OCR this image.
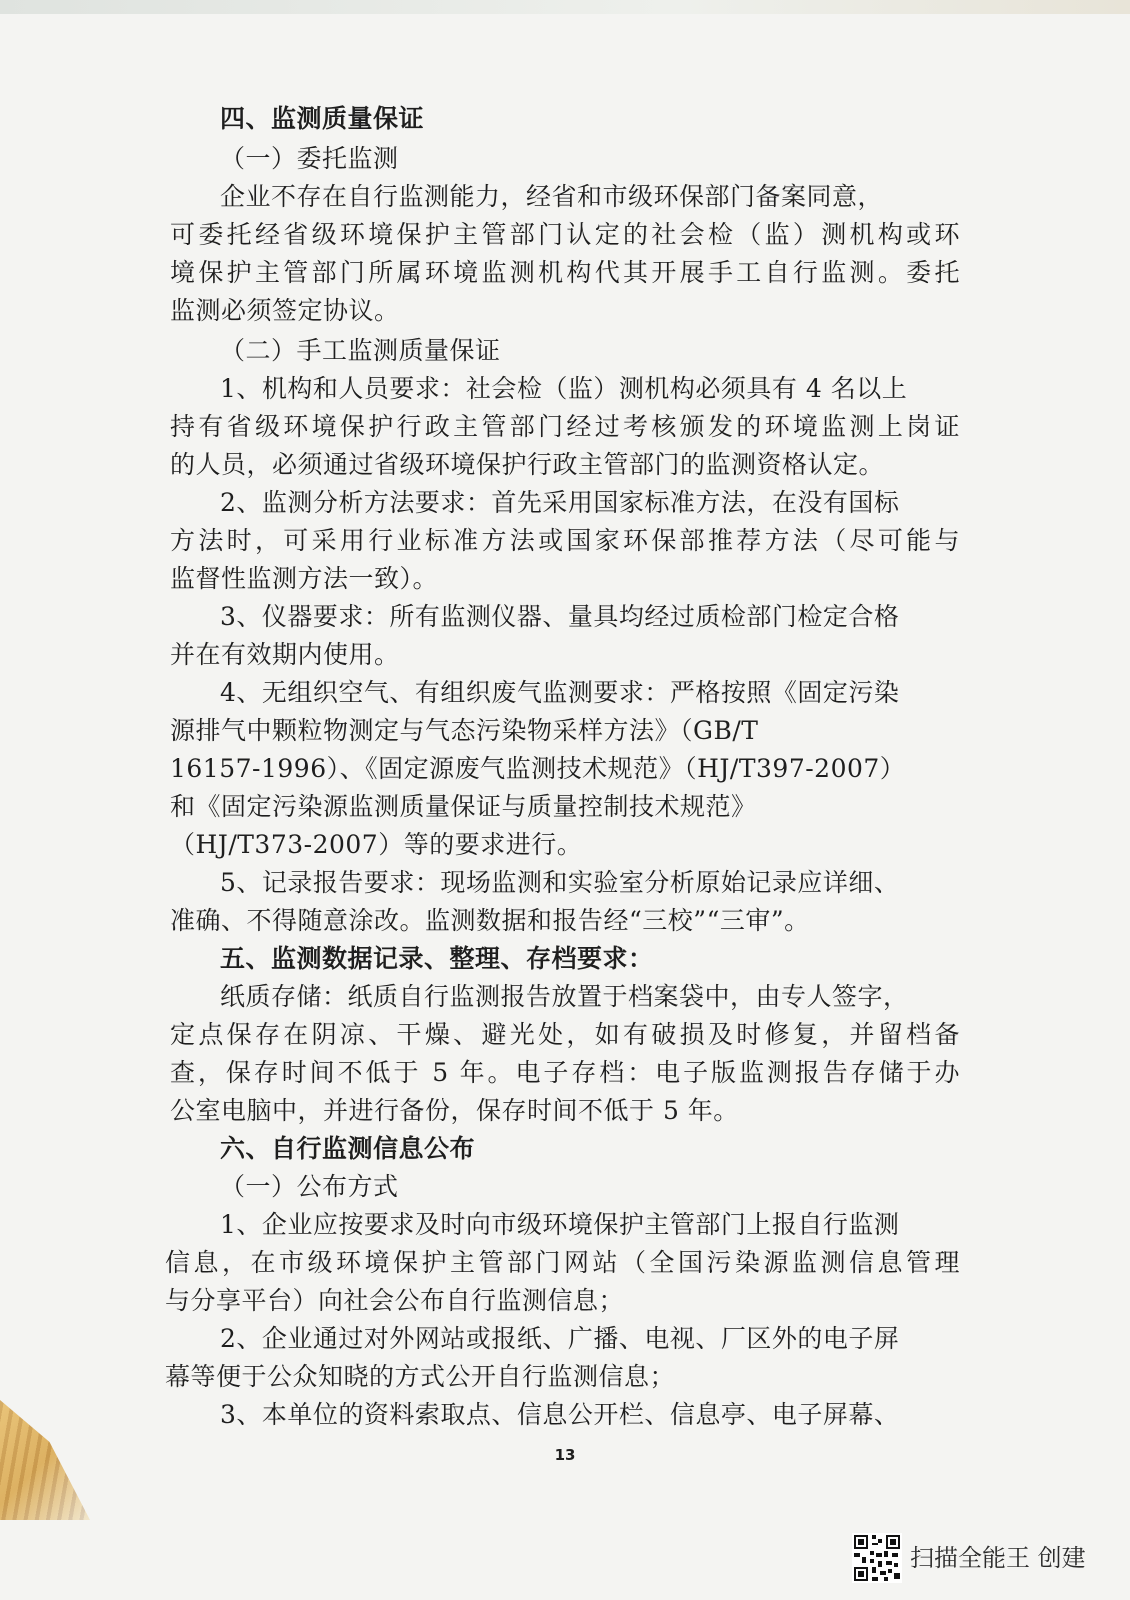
四、监测质量保证
（一）委托监测
企业不存在自行监测能力，经省和市级环保部门备案同意，
可委托经省级环境保护主管部门认定的社会检（监）测机构或环
境保护主管部门所属环境监测机构代其开展手工自行监测。委托
监测必须签定协议。
（二）手工监测质量保证
1、机构和人员要求：社会检（监）测机构必须具有 4 名以上
持有省级环境保护行政主管部门经过考核颁发的环境监测上岗证
的人员，必须通过省级环境保护行政主管部门的监测资格认定。
2、监测分析方法要求：首先采用国家标准方法，在没有国标
方法时，可采用行业标准方法或国家环保部推荐方法（尽可能与
监督性监测方法一致）。
3、仪器要求：所有监测仪器、量具均经过质检部门检定合格
并在有效期内使用。
4、无组织空气、有组织废气监测要求：严格按照《固定污染
源排气中颗粒物测定与气态污染物采样方法》（GB/T
16157-1996）、《固定源废气监测技术规范》（HJ/T397-2007）
和《固定污染源监测质量保证与质量控制技术规范》
（HJ/T373-2007）等的要求进行。
5、记录报告要求：现场监测和实验室分析原始记录应详细、
准确、不得随意涂改。监测数据和报告经“三校”“三审”。
五、监测数据记录、整理、存档要求：
纸质存储：纸质自行监测报告放置于档案袋中，由专人签字，
定点保存在阴凉、干燥、避光处，如有破损及时修复，并留档备
查，保存时间不低于 5 年。电子存档：电子版监测报告存储于办
公室电脑中，并进行备份，保存时间不低于 5 年。
六、自行监测信息公布
（一）公布方式
1、企业应按要求及时向市级环境保护主管部门上报自行监测
信息，在市级环境保护主管部门网站（全国污染源监测信息管理
与分享平台）向社会公布自行监测信息；
2、企业通过对外网站或报纸、广播、电视、厂区外的电子屏
幕等便于公众知晓的方式公开自行监测信息；
3、本单位的资料索取点、信息公开栏、信息亭、电子屏幕、
13
扫描全能王 创建
